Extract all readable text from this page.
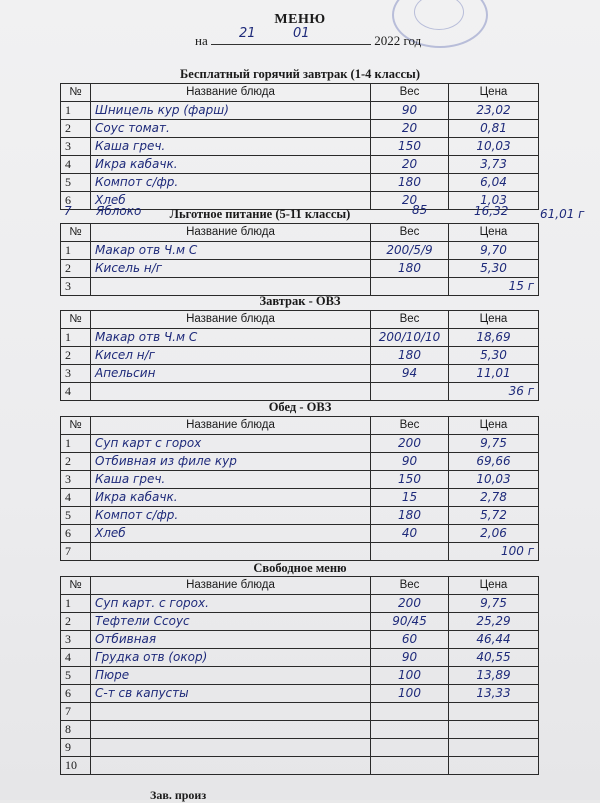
МЕНЮ
на 21	01	2022 год
Бесплатный горячий завтрак (1-4 классы)
№	Название блюда	Вес	Цена
1	Шницель кур (фарш)	90	23,02
2	Соус томат.	20	0,81
3	Каша греч.	150	10,03
4	Икра кабачк.	20	3,73
5	Компот с/фр.	180	6,04
6	Хлеб	20	1,03
7 Яблоко	85	16,32	61,01 г
Льготное питание (5-11 классы)
№	Название блюда	Вес	Цена
1	Макар отв Ч.м С	200/5/9	9,70
2	Кисель н/г	180	5,30
3			15 г
Завтрак - ОВЗ
№	Название блюда	Вес	Цена
1	Макар отв Ч.м С	200/10/10	18,69
2	Кисел н/г	180	5,30
3	Апельсин	94	11,01
4			36 г
Обед - ОВЗ
№	Название блюда	Вес	Цена
1	Суп карт с горох	200	9,75
2	Отбивная из филе кур	90	69,66
3	Каша греч.	150	10,03
4	Икра кабачк.	15	2,78
5	Компот с/фр.	180	5,72
6	Хлеб	40	2,06
7			100 г
Свободное меню
№	Название блюда	Вес	Цена
1	Суп карт. с горох.	200	9,75
2	Тефтели Ссоус	90/45	25,29
3	Отбивная	60	46,44
4	Грудка отв (окор)	90	40,55
5	Пюре	100	13,89
6	С-т св капусты	100	13,33
7			
8			
9			
10			
Зав. произ
